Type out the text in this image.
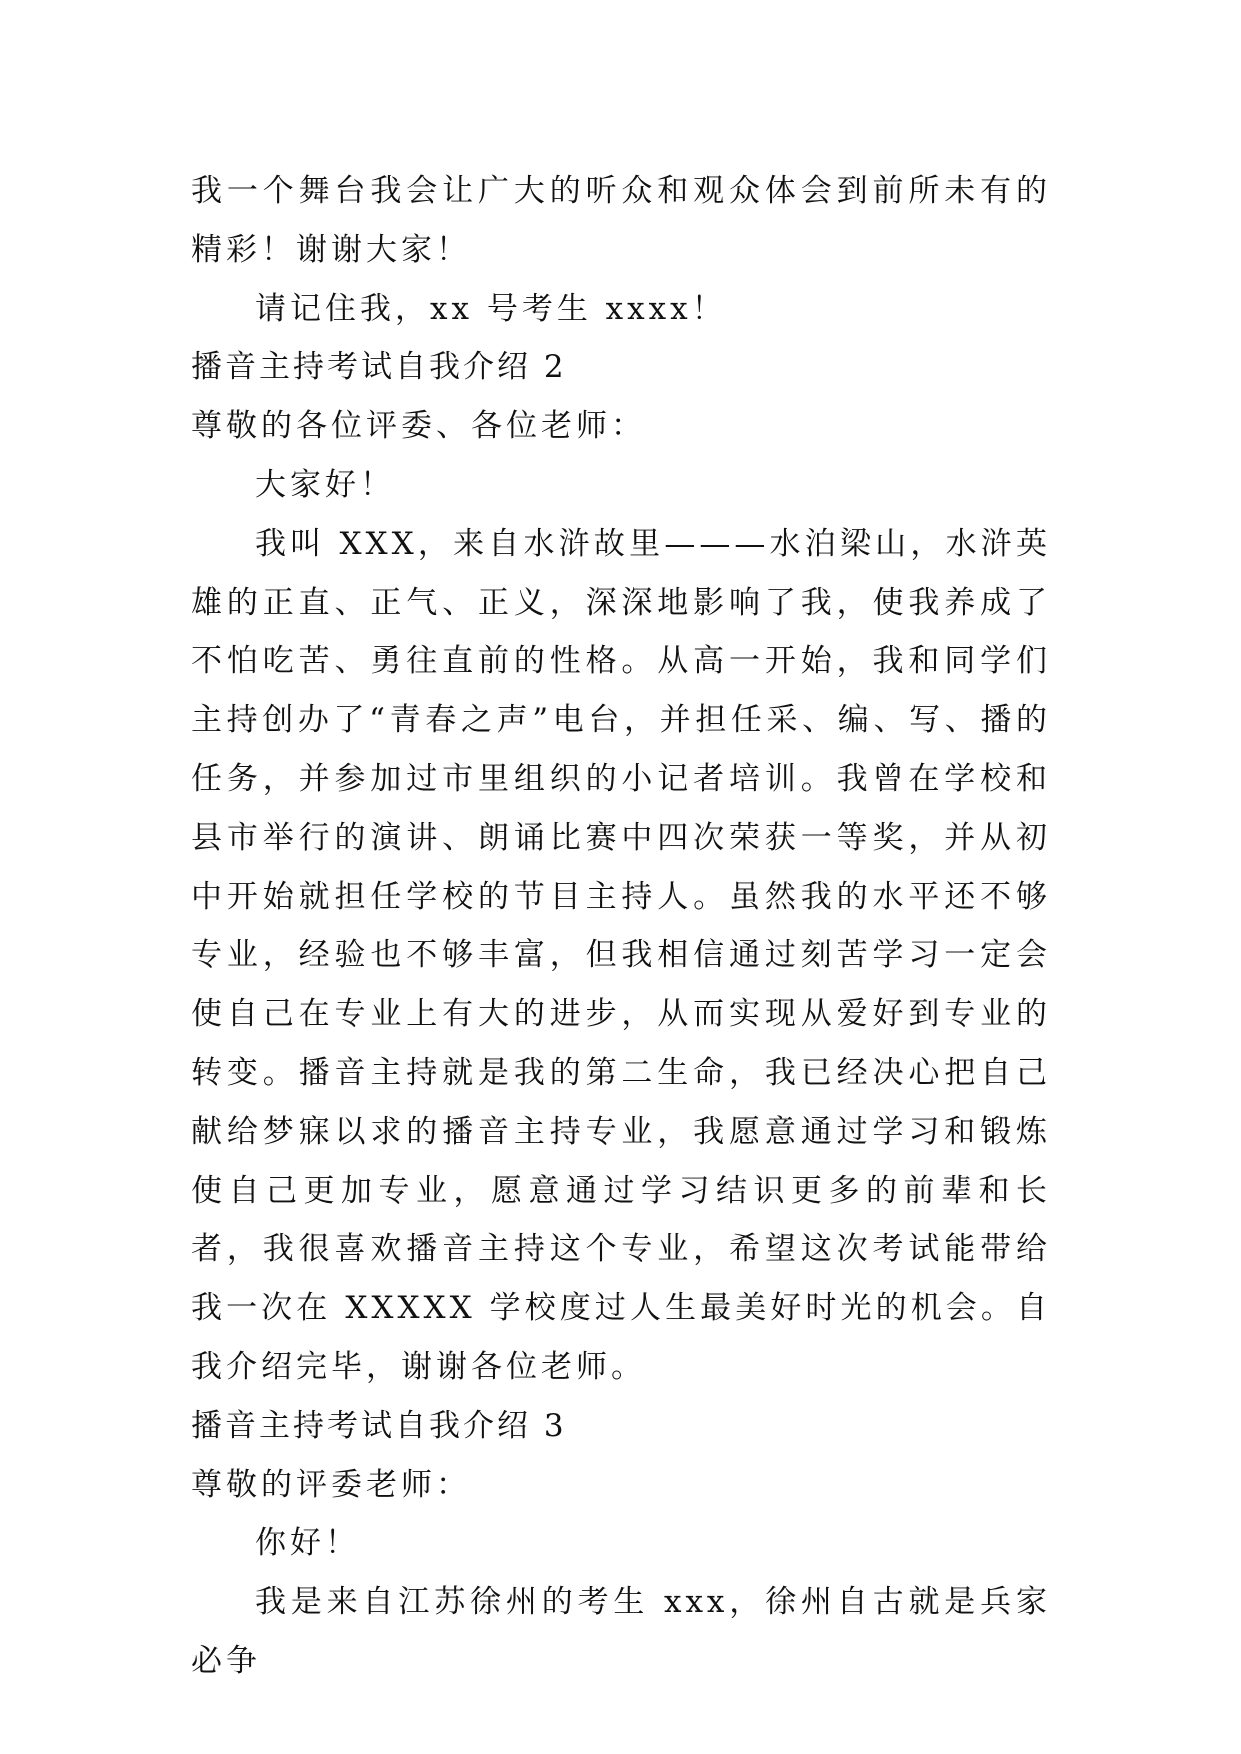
我一个舞台我会让广大的听众和观众体会到前所未有的精彩！谢谢大家！

请记住我，xx 号考生 xxxx！

播音主持考试自我介绍 2

尊敬的各位评委、各位老师：

大家好！

我叫 XXX，来自水浒故里———水泊梁山，水浒英雄的正直、正气、正义，深深地影响了我，使我养成了不怕吃苦、勇往直前的性格。从高一开始，我和同学们主持创办了“青春之声”电台，并担任采、编、写、播的任务，并参加过市里组织的小记者培训。我曾在学校和县市举行的演讲、朗诵比赛中四次荣获一等奖，并从初中开始就担任学校的节目主持人。虽然我的水平还不够专业，经验也不够丰富，但我相信通过刻苦学习一定会使自己在专业上有大的进步，从而实现从爱好到专业的转变。播音主持就是我的第二生命，我已经决心把自己献给梦寐以求的播音主持专业，我愿意通过学习和锻炼使自己更加专业，愿意通过学习结识更多的前辈和长者，我很喜欢播音主持这个专业，希望这次考试能带给我一次在 XXXXX 学校度过人生最美好时光的机会。自我介绍完毕，谢谢各位老师。

播音主持考试自我介绍 3

尊敬的评委老师：

你好！

我是来自江苏徐州的考生 xxx，徐州自古就是兵家必争
